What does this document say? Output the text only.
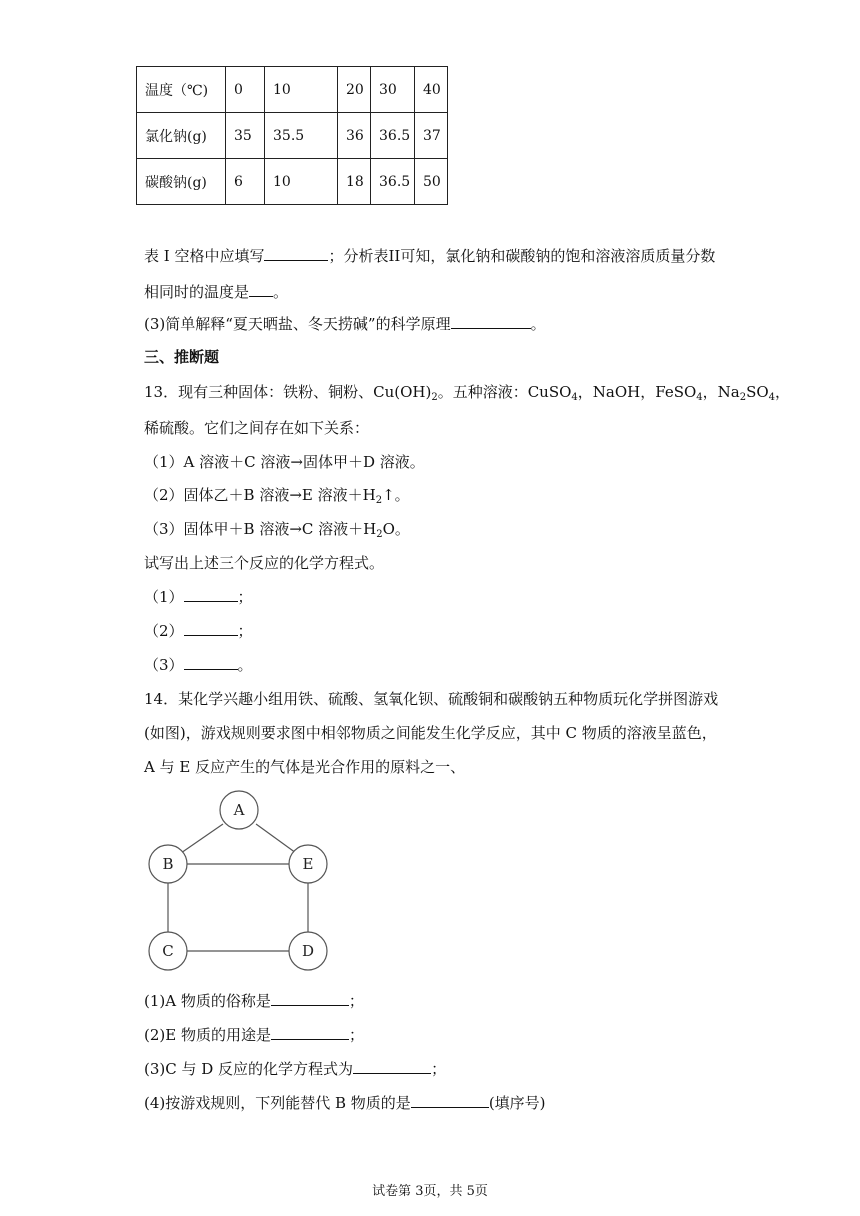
温度（℃)	0	10	20	30	40
氯化钠(g)	35	35.5	36	36.5	37
碳酸钠(g)	6	10	18	36.5	50
表 I 空格中应填写	；分析表II可知，氯化钠和碳酸钠的饱和溶液溶质质量分数
相同时的温度是 。
(3)简单解释“夏天晒盐、冬天捞碱”的科学原理	。
三、推断题
13．现有三种固体：铁粉、铜粉、$Cu(OH)_2$。五种溶液：CuSO$_4$，NaOH，FeSO$_4$，$Na_2SO_4$，
稀硫酸。它们之间存在如下关系：
（1）A 溶液＋C 溶液→固体甲＋D 溶液。
（2）固体乙＋B 溶液→E 溶液$+H_2↑$。
（3）固体甲＋B 溶液→C 溶液$+H_2O$。
试写出上述三个反应的化学方程式。
（1）	；
（2）	；
（3）	。
14．某化学兴趣小组用铁、硫酸、氢氧化钡、硫酸铜和碳酸钠五种物质玩化学拼图游戏
(如图)，游戏规则要求图中相邻物质之间能发生化学反应，其中 C 物质的溶液呈蓝色，
A 与 E 反应产生的气体是光合作用的原料之一、
A
B	E
C	D
(1)A 物质的俗称是	；
(2)E 物质的用途是	；
(3)C 与 D 反应的化学方程式为	；
(4)按游戏规则，下列能替代 B 物质的是	(填序号)
试卷第 3页，共 5页
